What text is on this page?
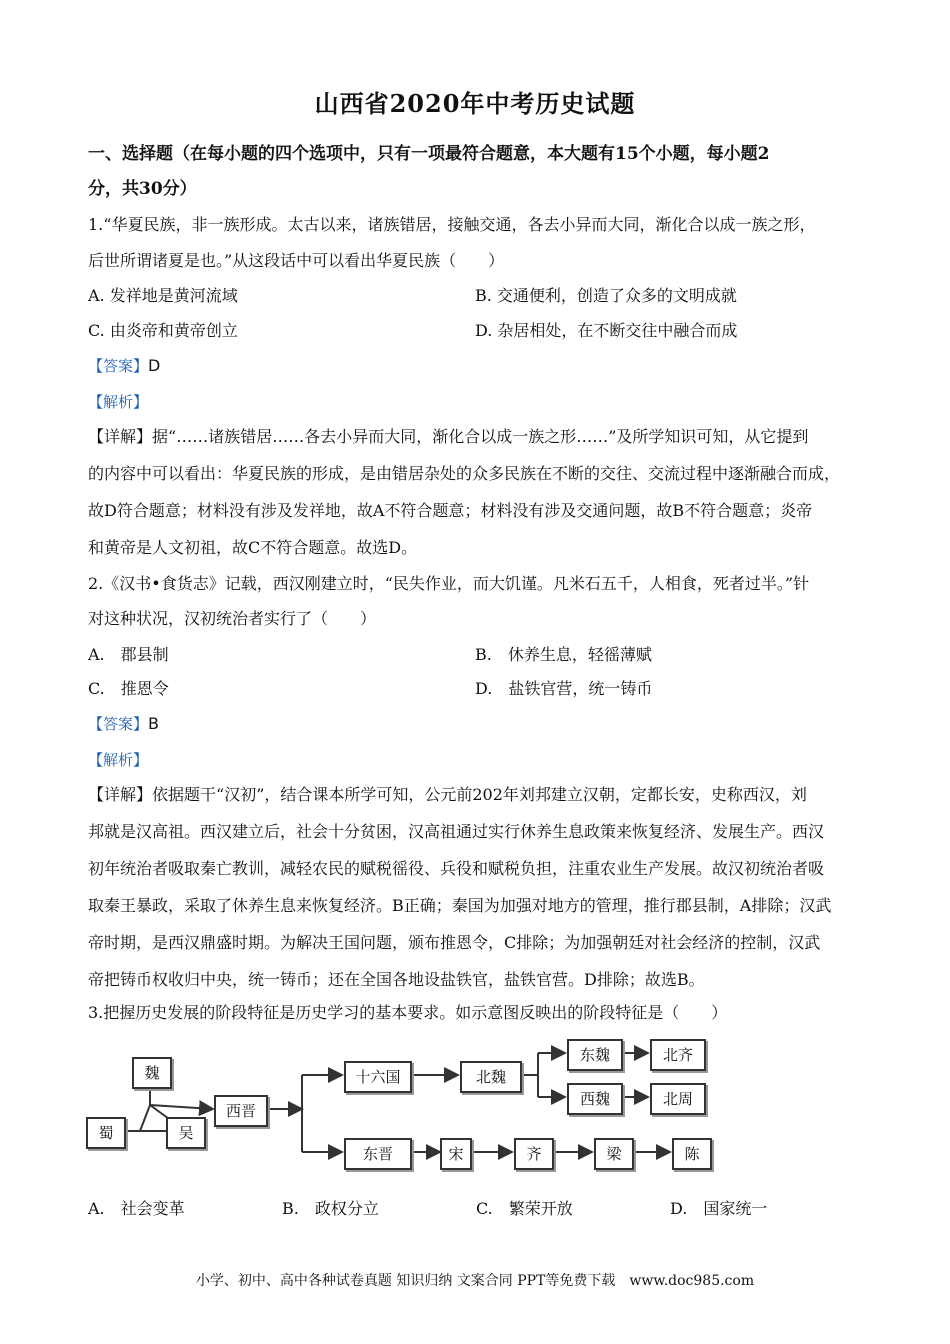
山西省2020年中考历史试题
一、选择题（在每小题的四个选项中，只有一项最符合题意，本大题有15个小题，每小题2
分，共30分）
1.“华夏民族，非一族形成。太古以来，诸族错居，接触交通，各去小异而大同，渐化合以成一族之形，
后世所谓诸夏是也。”从这段话中可以看出华夏民族（　　）
A. 发祥地是黄河流域	B. 交通便利，创造了众多的文明成就
C. 由炎帝和黄帝创立	D. 杂居相处，在不断交往中融合而成
【答案】D
【解析】
【详解】据“……诸族错居……各去小异而大同，渐化合以成一族之形……”及所学知识可知，从它提到
的内容中可以看出：华夏民族的形成，是由错居杂处的众多民族在不断的交往、交流过程中逐渐融合而成，
故D符合题意；材料没有涉及发祥地，故A不符合题意；材料没有涉及交通问题，故B不符合题意；炎帝
和黄帝是人文初祖，故C不符合题意。故选D。
2.《汉书•食货志》记载，西汉刚建立时，“民失作业，而大饥谨。凡米石五千，人相食，死者过半。”针
对这种状况，汉初统治者实行了（　　）
A.　郡县制	B.　休养生息，轻徭薄赋
C.　推恩令	D.　盐铁官营，统一铸币
【答案】B
【解析】
【详解】依据题干“汉初”，结合课本所学可知，公元前202年刘邦建立汉朝，定都长安，史称西汉，刘
邦就是汉高祖。西汉建立后，社会十分贫困，汉高祖通过实行休养生息政策来恢复经济、发展生产。西汉
初年统治者吸取秦亡教训，减轻农民的赋税徭役、兵役和赋税负担，注重农业生产发展。故汉初统治者吸
取秦王暴政，采取了休养生息来恢复经济。B正确；秦国为加强对地方的管理，推行郡县制，A排除；汉武
帝时期，是西汉鼎盛时期。为解决王国问题，颁布推恩令，C排除；为加强朝廷对社会经济的控制，汉武
帝把铸币权收归中央，统一铸币；还在全国各地设盐铁官，盐铁官营。D排除；故选B。
3.把握历史发展的阶段特征是历史学习的基本要求。如示意图反映出的阶段特征是（　　）
魏
蜀	吴
西晋
十六国	北魏
东魏
西魏
北齐
北周
东晋	宋	齐	梁	陈
A.　社会变革	B.　政权分立	C.　繁荣开放	D.　国家统一
小学、初中、高中各种试卷真题 知识归纳 文案合同 PPT等免费下载　www.doc985.com
